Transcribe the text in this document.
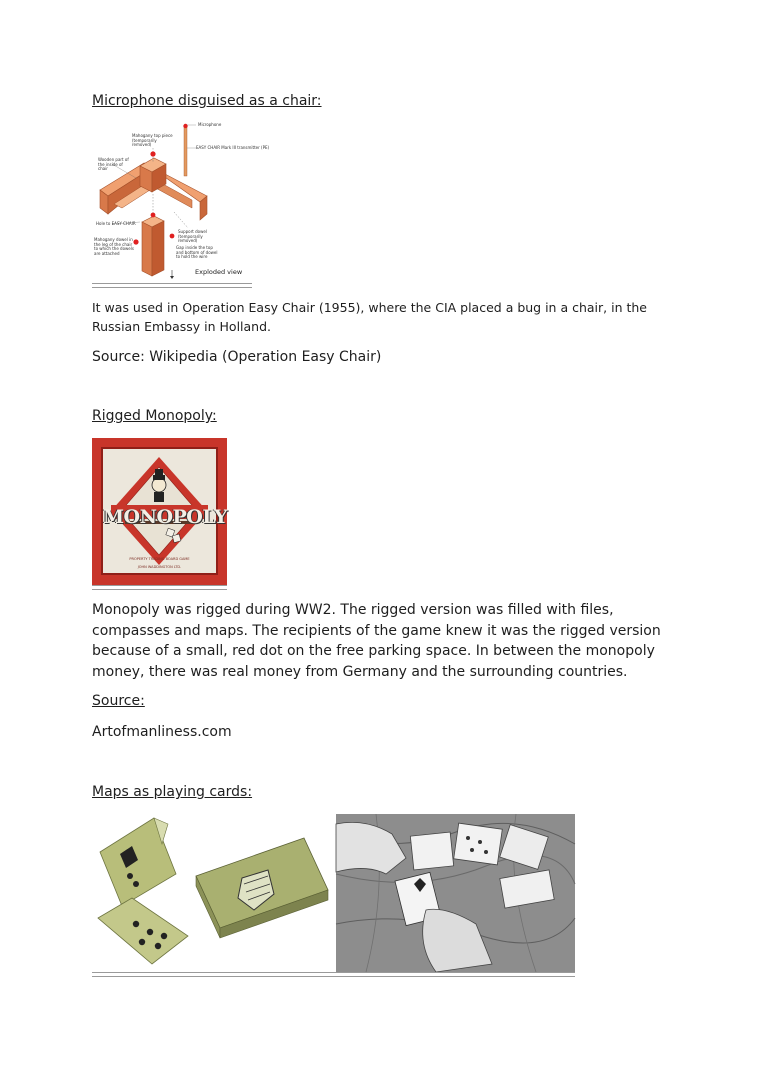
Microphone disguised as a chair:
Microphone
Mahogany top piece (temporarily removed)
EASY CHAIR Mark III transmitter (PE)
Wooden part of the inside of chair
Hole to EASY CHAIR
Support dowel (temporarily removed)
Mahogany dowel in the leg of the chair to which the dowels are attached
Gap inside the top and bottom of dowel to hold the wire
Exploded view
It was used in Operation Easy Chair (1955), where the CIA placed a bug in a chair, in the Russian Embassy in Holland.
Source: Wikipedia (Operation Easy Chair)
Rigged Monopoly:
MONOPOLY
PROPERTY TRADING BOARD GAME
JOHN WADDINGTON LTD.
Monopoly was rigged during WW2. The rigged version was filled with files, compasses and maps. The recipients of the game knew it was the rigged version because of a small, red dot on the free parking space. In between the monopoly money, there was real money from Germany and the surrounding countries.
Source:
Artofmanliness.com
Maps as playing cards:
